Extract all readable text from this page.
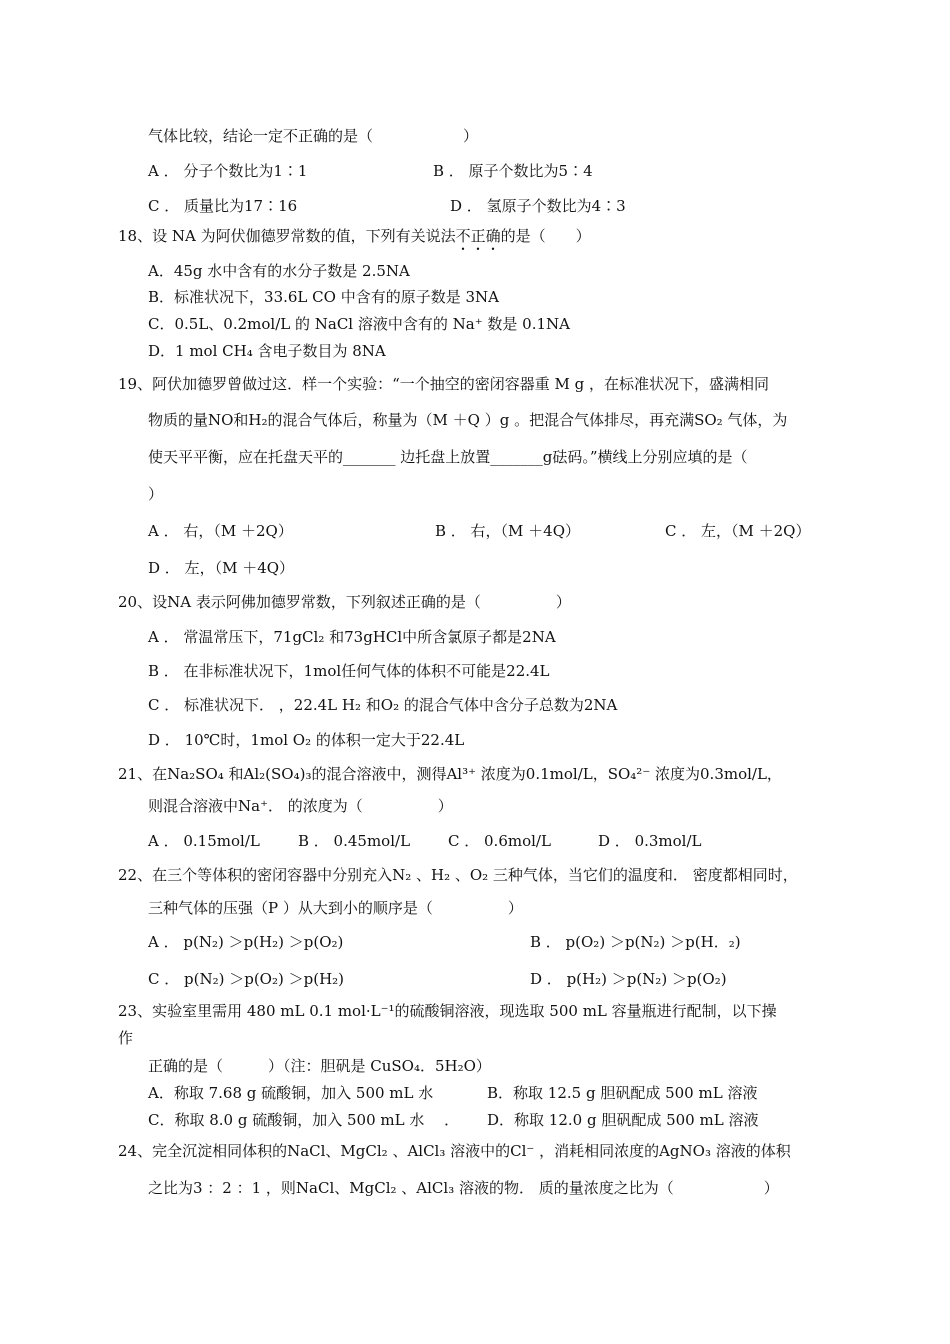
气体比较，结论一定不正确的是（　　　　　　）
A ． 分子个数比为1∶1	B ． 原子个数比为5∶4
C ． 质量比为17∶16	D ． 氢原子个数比为4∶3
18、设 NA 为阿伏伽德罗常数的值，下列有关说法不正确的是（　　）
A．45g 水中含有的水分子数是 2.5NA
B．标准状况下，33.6L CO 中含有的原子数是 3NA
C．0.5L、0.2mol/L 的 NaCl 溶液中含有的 Na⁺ 数是 0.1NA
D．1 mol CH₄ 含电子数目为 8NA
19、阿伏加德罗曾做过这．样一个实验：“一个抽空的密闭容器重 M g ，在标准状况下，盛满相同
物质的量NO和H₂的混合气体后，称量为（M ＋Q ）g 。把混合气体排尽，再充满SO₂ 气体，为
使天平平衡，应在托盘天平的_______ 边托盘上放置_______g砝码。”横线上分别应填的是（
）
A ． 右，（M ＋2Q）	B ． 右，（M ＋4Q）	C ． 左，（M ＋2Q）
D ． 左，（M ＋4Q）
20、设NA 表示阿佛加德罗常数，下列叙述正确的是（　　　　　）
A ． 常温常压下，71gCl₂ 和73gHCl中所含氯原子都是2NA
B ． 在非标准状况下，1mol任何气体的体积不可能是22.4L
C ． 标准状况下． ，22.4L H₂ 和O₂ 的混合气体中含分子总数为2NA
D ． 10℃时，1mol O₂ 的体积一定大于22.4L
21、在Na₂SO₄ 和Al₂(SO₄)₃的混合溶液中，测得Al³⁺ 浓度为0.1mol/L，SO₄²⁻ 浓度为0.3mol/L，
则混合溶液中Na⁺． 的浓度为（　　　　　）
A ． 0.15mol/L	B ． 0.45mol/L	C ． 0.6mol/L	D ． 0.3mol/L
22、在三个等体积的密闭容器中分别充入N₂ 、H₂ 、O₂ 三种气体，当它们的温度和． 密度都相同时，
三种气体的压强（P ）从大到小的顺序是（　　　　　）
A ． p(N₂) ＞p(H₂) ＞p(O₂)	B ． p(O₂) ＞p(N₂) ＞p(H．₂)
C ． p(N₂) ＞p(O₂) ＞p(H₂)	D ． p(H₂) ＞p(N₂) ＞p(O₂)
23、实验室里需用 480 mL 0.1 mol·L⁻¹的硫酸铜溶液，现选取 500 mL 容量瓶进行配制，以下操
作
正确的是（　　　）（注：胆矾是 CuSO₄．5H₂O）
A．称取 7.68 g 硫酸铜，加入 500 mL 水	B．称取 12.5 g 胆矾配成 500 mL 溶液
C．称取 8.0 g 硫酸铜，加入 500 mL 水 　． D．称取 12.0 g 胆矾配成 500 mL 溶液
24、完全沉淀相同体积的NaCl、MgCl₂ 、AlCl₃ 溶液中的Cl⁻ ，消耗相同浓度的AgNO₃ 溶液的体积
之比为3 ：2 ：1 ，则NaCl、MgCl₂ 、AlCl₃ 溶液的物． 质的量浓度之比为（　　　　　　）
